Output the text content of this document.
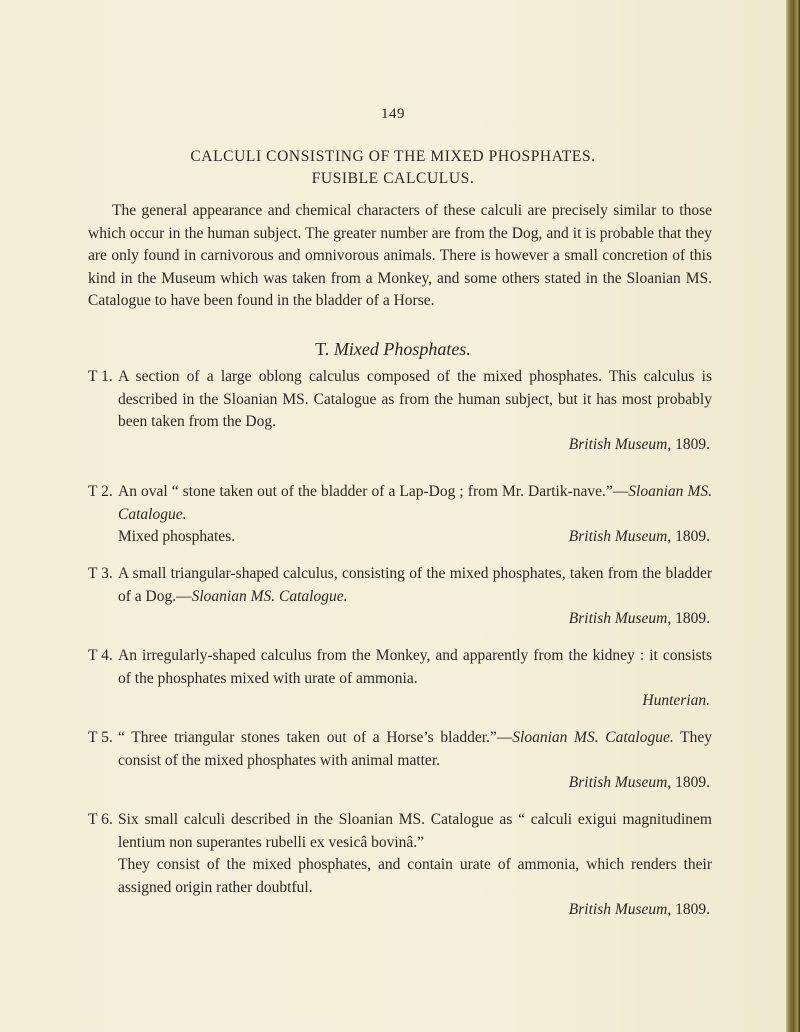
149
CALCULI CONSISTING OF THE MIXED PHOSPHATES.
FUSIBLE CALCULUS.

The general appearance and chemical characters of these calculi are precisely similar to those which occur in the human subject. The greater number are from the Dog, and it is probable that they are only found in carnivorous and omnivorous animals. There is however a small concretion of this kind in the Museum which was taken from a Monkey, and some others stated in the Sloanian MS. Catalogue to have been found in the bladder of a Horse.

T. Mixed Phosphates.
T 1. A section of a large oblong calculus composed of the mixed phosphates. This calculus is described in the Sloanian MS. Catalogue as from the human subject, but it has most probably been taken from the Dog.
British Museum, 1809.
T 2. An oval “ stone taken out of the bladder of a Lap-Dog ; from Mr. Dartik-nave.”—Sloanian MS. Catalogue.
Mixed phosphates.	British Museum, 1809.
T 3. A small triangular-shaped calculus, consisting of the mixed phosphates, taken from the bladder of a Dog.—Sloanian MS. Catalogue.
British Museum, 1809.
T 4. An irregularly-shaped calculus from the Monkey, and apparently from the kidney : it consists of the phosphates mixed with urate of ammonia.
Hunterian.
T 5. “ Three triangular stones taken out of a Horse’s bladder.”—Sloanian MS. Catalogue. They consist of the mixed phosphates with animal matter.
British Museum, 1809.
T 6. Six small calculi described in the Sloanian MS. Catalogue as “ calculi exigui magnitudinem lentium non superantes rubelli ex vesicâ bovinâ.”
They consist of the mixed phosphates, and contain urate of ammonia, which renders their assigned origin rather doubtful.
British Museum, 1809.
